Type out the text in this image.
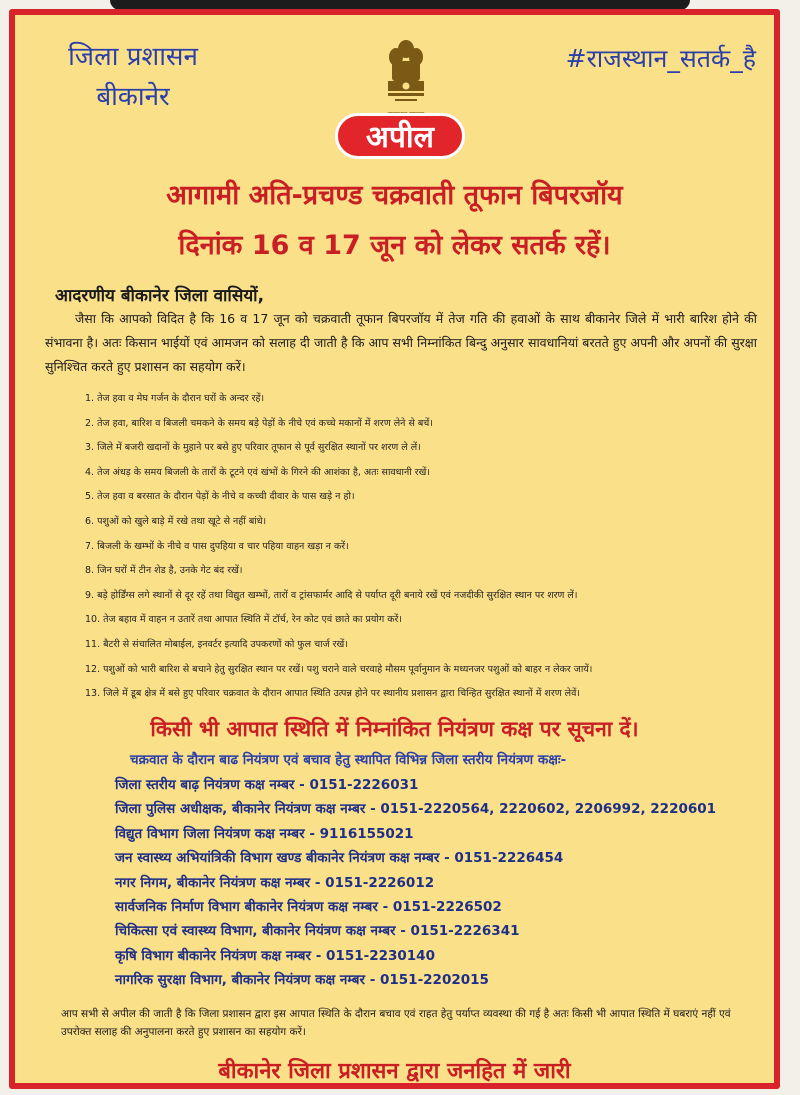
जिला प्रशासन
बीकानेर
#राजस्थान_सतर्क_है
अपील
आगामी अति-प्रचण्ड चक्रवाती तूफान बिपरजॉय
दिनांक 16 व 17 जून को लेकर सतर्क रहें।
आदरणीय बीकानेर जिला वासियों,
जैसा कि आपको विदित है कि 16 व 17 जून को चक्रवाती तूफान बिपरजॉय में तेज गति की हवाओं के साथ बीकानेर जिले में भारी बारिश होने की संभावना है। अतः किसान भाईयों एवं आमजन को सलाह दी जाती है कि आप सभी निम्नांकित बिन्दु अनुसार सावधानियां बरतते हुए अपनी और अपनों की सुरक्षा सुनिश्चित करते हुए प्रशासन का सहयोग करें।
1. तेज हवा व मेघ गर्जन के दौरान घरों के अन्दर रहें।
2. तेज हवा, बारिश व बिजली चमकने के समय बड़े पेड़ों के नीचे एवं कच्चे मकानों में शरण लेने से बचें।
3. जिले में बजरी खदानों के मुहाने पर बसे हुए परिवार तूफान से पूर्व सुरक्षित स्थानों पर शरण ले लें।
4. तेज अंधड़ के समय बिजली के तारों के टूटने एवं खंभों के गिरने की आशंका है, अतः सावधानी रखें।
5. तेज हवा व बरसात के दौरान पेड़ों के नीचे व कच्ची दीवार के पास खड़े न हो।
6. पशुओं को खुले बाड़े में रखे तथा खूटे से नहीं बांधे।
7. बिजली के खम्भों के नीचे व पास दुपहिया व चार पहिया वाहन खड़ा न करें।
8. जिन घरों में टीन शेड है, उनके गेट बंद रखें।
9. बड़े होर्डिंग्स लगे स्थानों से दूर रहें तथा विद्युत खम्भों, तारों व ट्रांसफार्मर आदि से पर्याप्त दूरी बनाये रखें एवं नजदीकी सुरक्षित स्थान पर शरण लें।
10. तेज बहाव में वाहन न उतारें तथा आपात स्थिति में टॉर्च, रेन कोट एवं छाते का प्रयोग करें।
11. बैटरी से संचालित मोबाईल, इनवर्टर इत्यादि उपकरणों को फुल चार्ज रखें।
12. पशुओं को भारी बारिश से बचाने हेतु सुरक्षित स्थान पर रखें। पशु चराने वाले चरवाहे मौसम पूर्वानुमान के मध्यनजर पशुओं को बाहर न लेकर जायें।
13. जिले में डूब क्षेत्र में बसे हुए परिवार चक्रवात के दौरान आपात स्थिति उत्पन्न होने पर स्थानीय प्रशासन द्वारा चिन्हित सुरक्षित स्थानों में शरण लेवें।
किसी भी आपात स्थिति में निम्नांकित नियंत्रण कक्ष पर सूचना दें।
चक्रवात के दौरान बाढ नियंत्रण एवं बचाव हेतु स्थापित विभिन्न जिला स्तरीय नियंत्रण कक्षः-
जिला स्तरीय बाढ़ नियंत्रण कक्ष नम्बर - 0151-2226031
जिला पुलिस अधीक्षक, बीकानेर नियंत्रण कक्ष नम्बर - 0151-2220564, 2220602, 2206992, 2220601
विद्युत विभाग जिला नियंत्रण कक्ष नम्बर - 9116155021
जन स्वास्थ्य अभियांत्रिकी विभाग खण्ड बीकानेर नियंत्रण कक्ष नम्बर - 0151-2226454
नगर निगम, बीकानेर नियंत्रण कक्ष नम्बर - 0151-2226012
सार्वजनिक निर्माण विभाग बीकानेर नियंत्रण कक्ष नम्बर - 0151-2226502
चिकित्सा एवं स्वास्थ्य विभाग, बीकानेर नियंत्रण कक्ष नम्बर - 0151-2226341
कृषि विभाग बीकानेर नियंत्रण कक्ष नम्बर - 0151-2230140
नागरिक सुरक्षा विभाग, बीकानेर नियंत्रण कक्ष नम्बर - 0151-2202015
आप सभी से अपील की जाती है कि जिला प्रशासन द्वारा इस आपात स्थिति के दौरान बचाव एवं राहत हेतु पर्याप्त व्यवस्था की गई है अतः किसी भी आपात स्थिति में घबराएं नहीं एवं उपरोक्त सलाह की अनुपालना करते हुए प्रशासन का सहयोग करें।
बीकानेर जिला प्रशासन द्वारा जनहित में जारी
